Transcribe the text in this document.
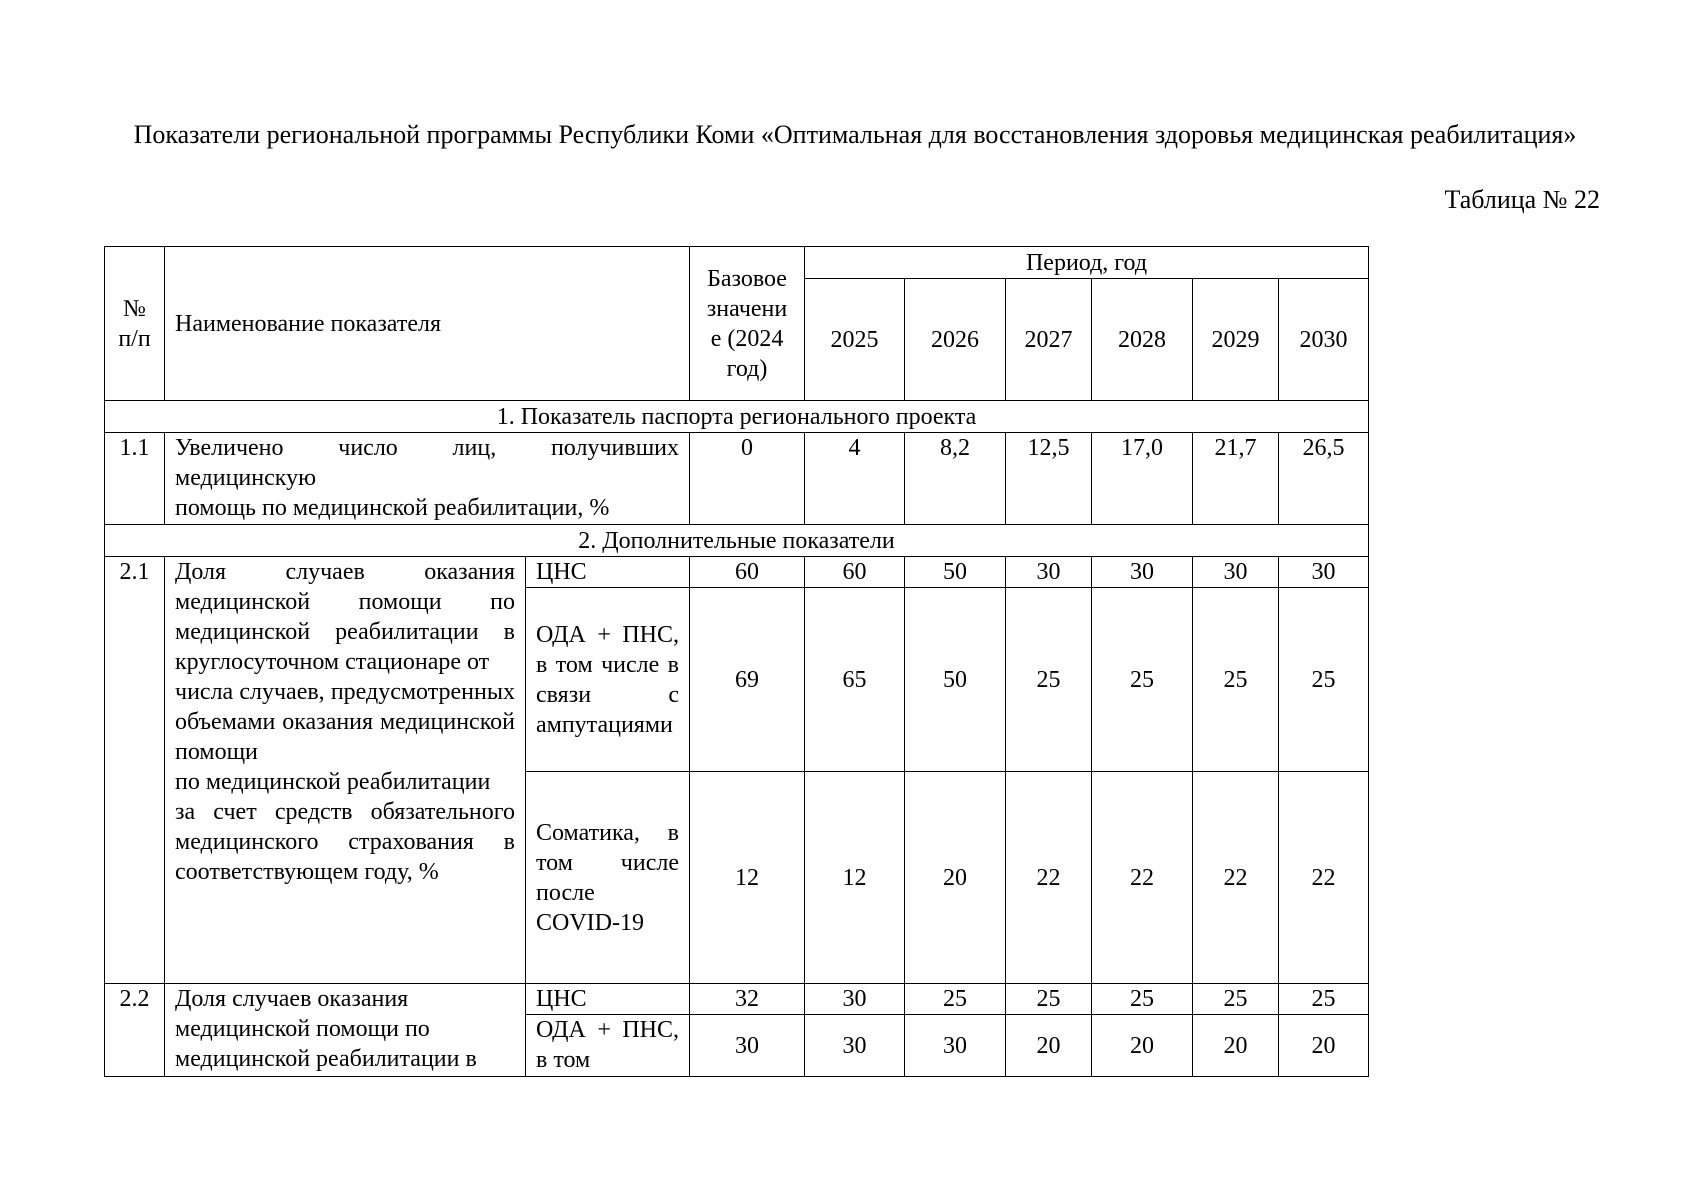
Показатели региональной программы Республики Коми «Оптимальная для восстановления здоровья медицинская реабилитация»
Таблица № 22
№ п/п	Наименование показателя		Базовое значени е (2024 год)	Период, год					
				2025	2026	2027	2028	2029	2030
1. Показатель паспорта регионального проекта									
1.1	Увеличено число лиц, получивших медицинскую
помощь по медицинской реабилитации, %		0	4	8,2	12,5	17,0	21,7	26,5
2. Дополнительные показатели									
2.1	Доля случаев оказания медицинской помощи по медицинской реабилитации в круглосуточном стационаре от
числа случаев, предусмотренных объемами оказания медицинской помощи
по медицинской реабилитации
за счет средств обязательного медицинского страхования в соответствующем году, %	ЦНС	60	60	50	30	30	30	30
		ОДА + ПНС, в том числе в связи с ампутациями	69	65	50	25	25	25	25
		Соматика, в том числе после COVID-19	12	12	20	22	22	22	22
2.2	Доля случаев оказания медицинской помощи по медицинской реабилитации в	ЦНС	32	30	25	25	25	25	25
		ОДА + ПНС, в том	30	30	30	20	20	20	20
